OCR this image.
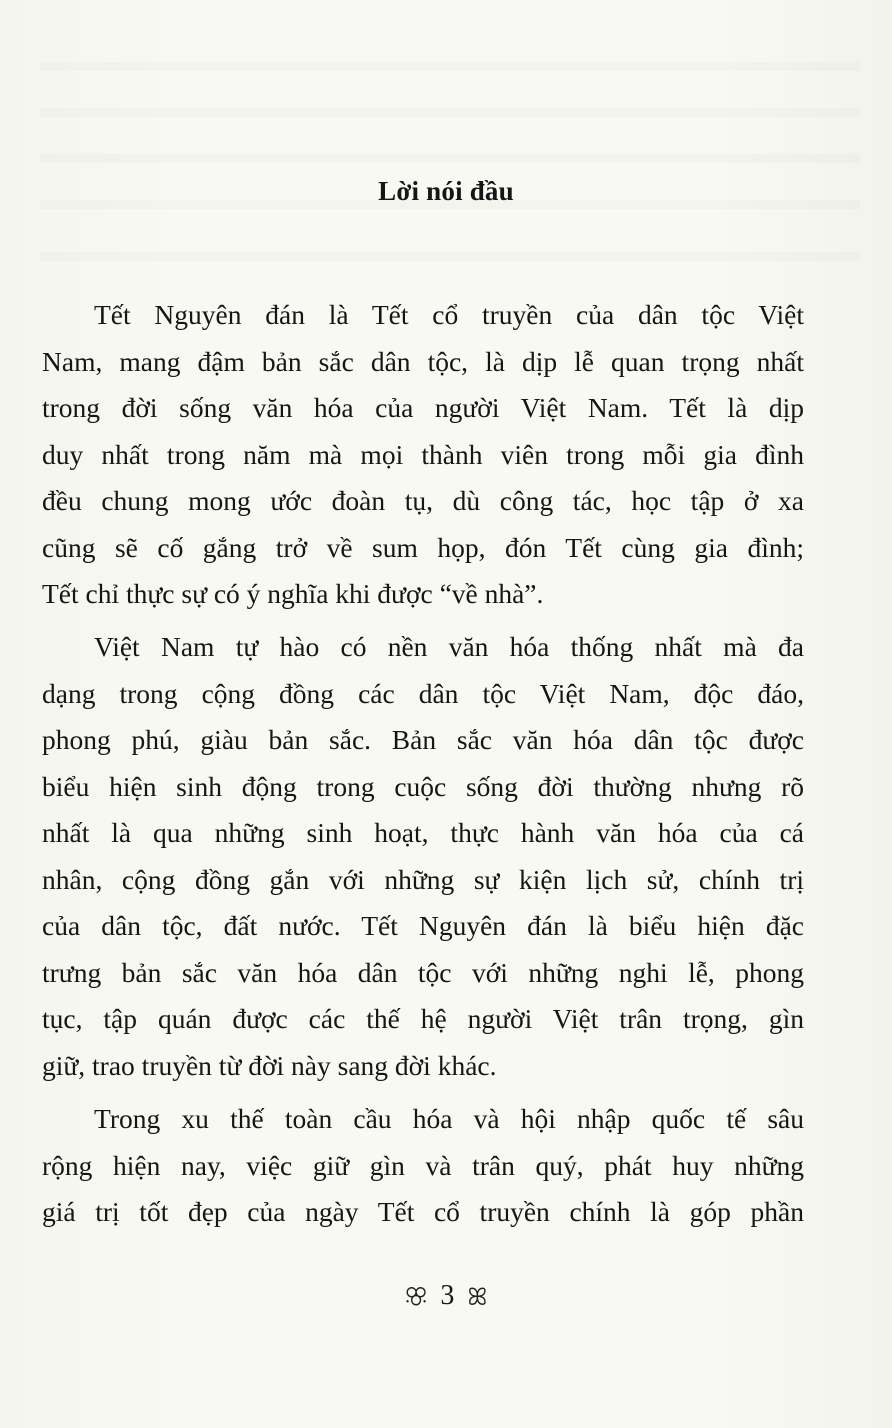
Lời nói đầu
Tết Nguyên đán là Tết cổ truyền của dân tộc Việt
Nam, mang đậm bản sắc dân tộc, là dịp lễ quan trọng nhất
trong đời sống văn hóa của người Việt Nam. Tết là dịp
duy nhất trong năm mà mọi thành viên trong mỗi gia đình
đều chung mong ước đoàn tụ, dù công tác, học tập ở xa
cũng sẽ cố gắng trở về sum họp, đón Tết cùng gia đình;
Tết chỉ thực sự có ý nghĩa khi được “về nhà”.
Việt Nam tự hào có nền văn hóa thống nhất mà đa
dạng trong cộng đồng các dân tộc Việt Nam, độc đáo,
phong phú, giàu bản sắc. Bản sắc văn hóa dân tộc được
biểu hiện sinh động trong cuộc sống đời thường nhưng rõ
nhất là qua những sinh hoạt, thực hành văn hóa của cá
nhân, cộng đồng gắn với những sự kiện lịch sử, chính trị
của dân tộc, đất nước. Tết Nguyên đán là biểu hiện đặc
trưng bản sắc văn hóa dân tộc với những nghi lễ, phong
tục, tập quán được các thế hệ người Việt trân trọng, gìn
giữ, trao truyền từ đời này sang đời khác.
Trong xu thế toàn cầu hóa và hội nhập quốc tế sâu
rộng hiện nay, việc giữ gìn và trân quý, phát huy những
giá trị tốt đẹp của ngày Tết cổ truyền chính là góp phần
ꕣ 3 ꕤ
